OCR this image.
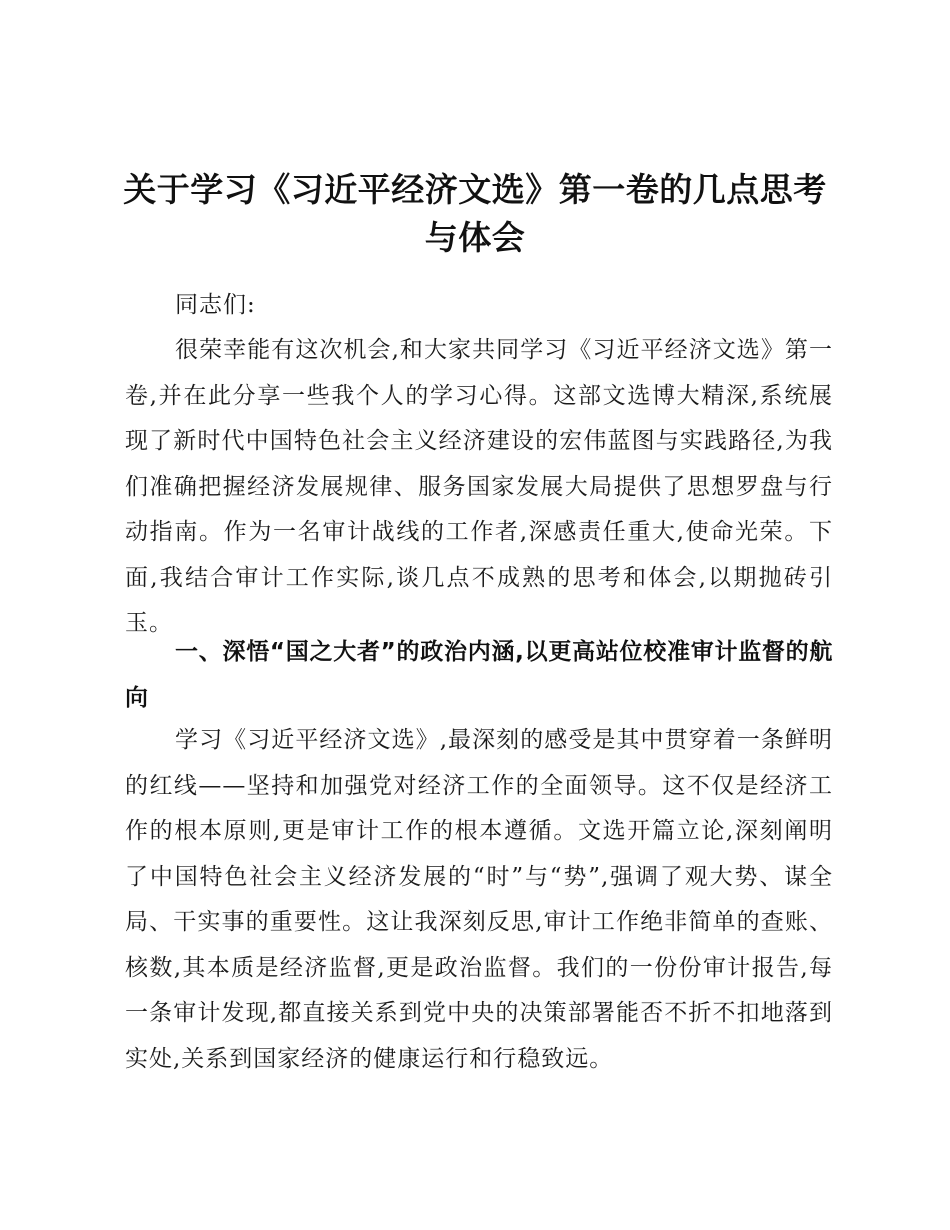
关于学习《习近平经济文选》第一卷的几点思考与体会

同志们:

很荣幸能有这次机会,和大家共同学习《习近平经济文选》第一卷,并在此分享一些我个人的学习心得。这部文选博大精深,系统展现了新时代中国特色社会主义经济建设的宏伟蓝图与实践路径,为我们准确把握经济发展规律、服务国家发展大局提供了思想罗盘与行动指南。作为一名审计战线的工作者,深感责任重大,使命光荣。下面,我结合审计工作实际,谈几点不成熟的思考和体会,以期抛砖引玉。

一、深悟“国之大者”的政治内涵,以更高站位校准审计监督的航向

学习《习近平经济文选》,最深刻的感受是其中贯穿着一条鲜明的红线——坚持和加强党对经济工作的全面领导。这不仅是经济工作的根本原则,更是审计工作的根本遵循。文选开篇立论,深刻阐明了中国特色社会主义经济发展的“时”与“势”,强调了观大势、谋全局、干实事的重要性。这让我深刻反思,审计工作绝非简单的查账、核数,其本质是经济监督,更是政治监督。我们的一份份审计报告,每一条审计发现,都直接关系到党中央的决策部署能否不折不扣地落到实处,关系到国家经济的健康运行和行稳致远。
